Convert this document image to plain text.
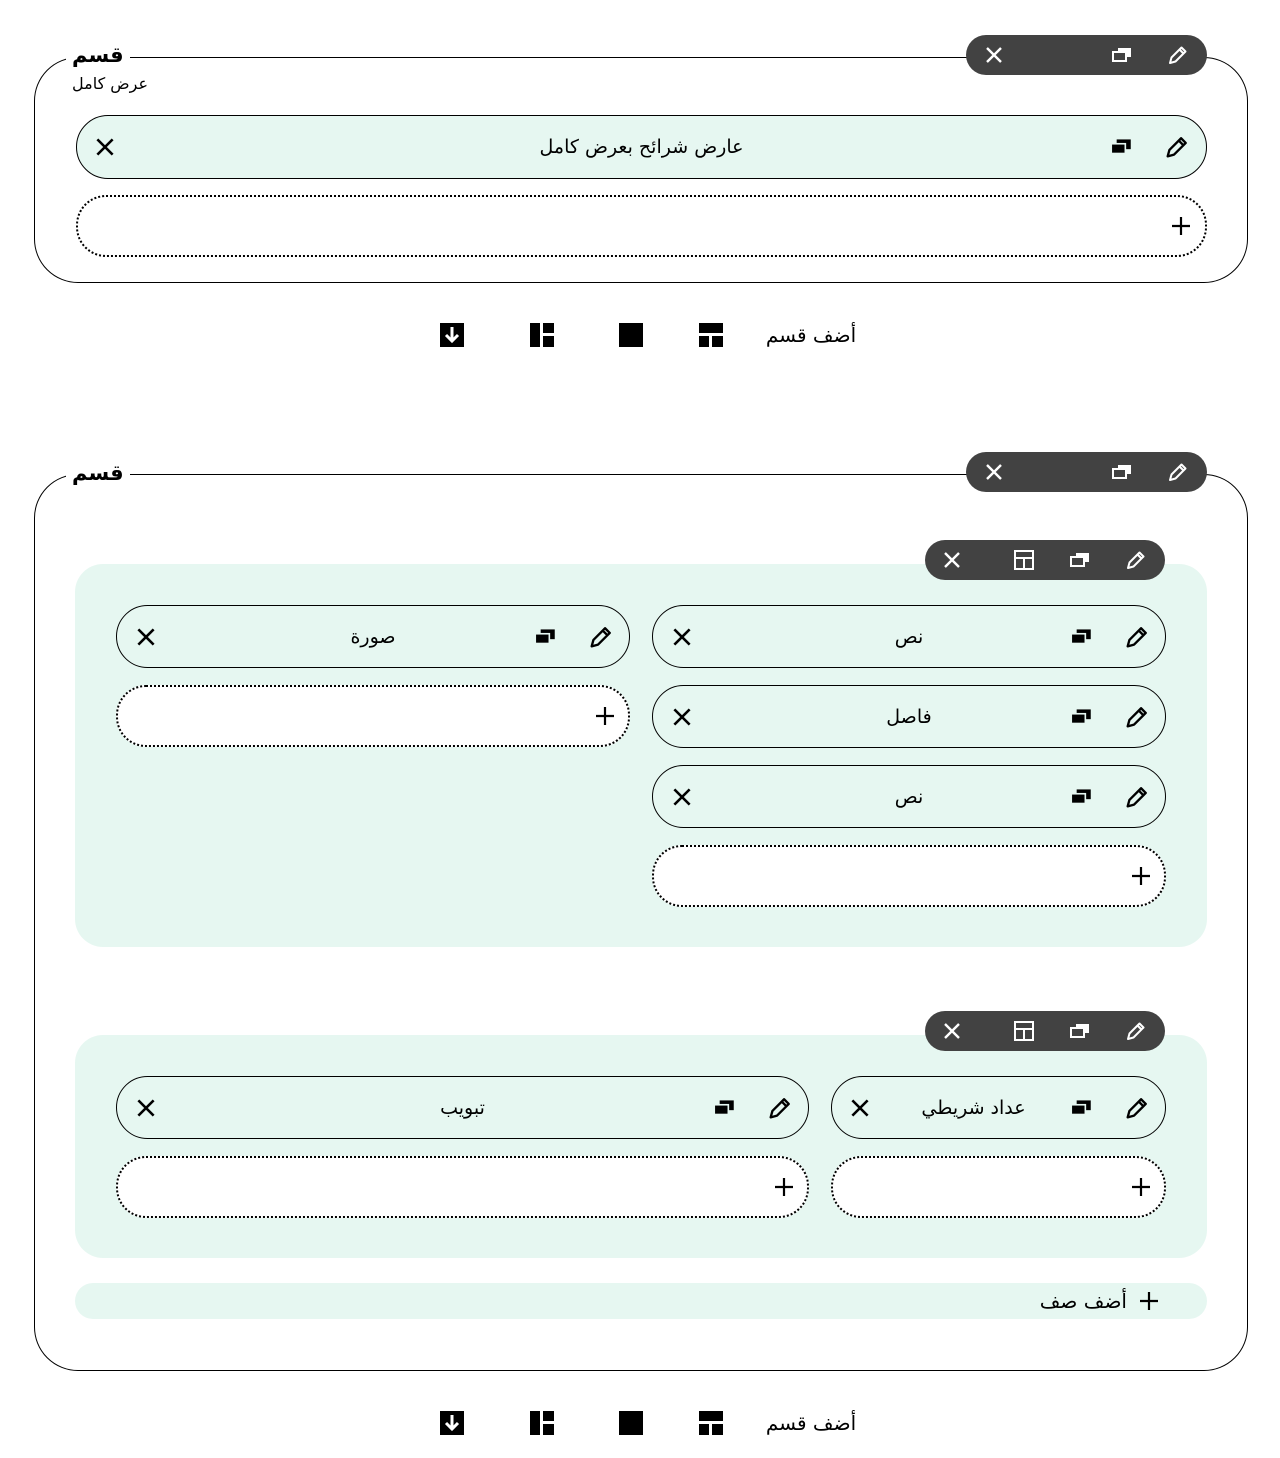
قسم
عرض كامل
عارض شرائح بعرض كامل
أضف قسم
قسم
نص
فاصل
نص
صورة
عداد شريطي
تبويب
أضف صف
أضف قسم
